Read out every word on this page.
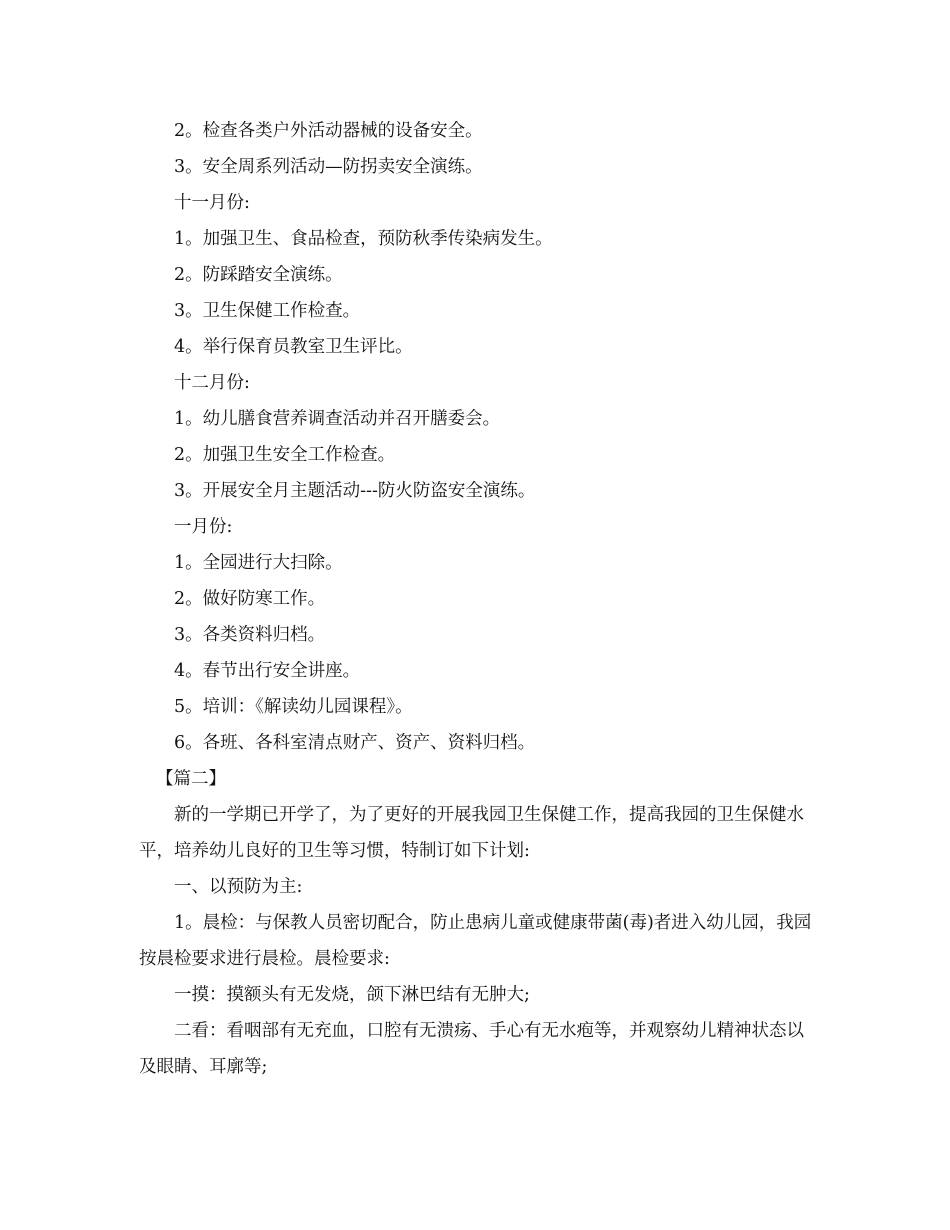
2。检查各类户外活动器械的设备安全。

3。安全周系列活动—防拐卖安全演练。

十一月份:

1。加强卫生、食品检查，预防秋季传染病发生。

2。防踩踏安全演练。

3。卫生保健工作检查。

4。举行保育员教室卫生评比。

十二月份:

1。幼儿膳食营养调查活动并召开膳委会。

2。加强卫生安全工作检查。

3。开展安全月主题活动---防火防盗安全演练。

一月份:

1。全园进行大扫除。

2。做好防寒工作。

3。各类资料归档。

4。春节出行安全讲座。

5。培训：《解读幼儿园课程》。

6。各班、各科室清点财产、资产、资料归档。

【篇二】

新的一学期已开学了，为了更好的开展我园卫生保健工作，提高我园的卫生保健水平，培养幼儿良好的卫生等习惯，特制订如下计划:

一、以预防为主:

1。晨检：与保教人员密切配合，防止患病儿童或健康带菌(毒)者进入幼儿园，我园按晨检要求进行晨检。晨检要求:

一摸：摸额头有无发烧，颌下淋巴结有无肿大;

二看：看咽部有无充血，口腔有无溃疡、手心有无水疱等，并观察幼儿精神状态以及眼睛、耳廓等;
